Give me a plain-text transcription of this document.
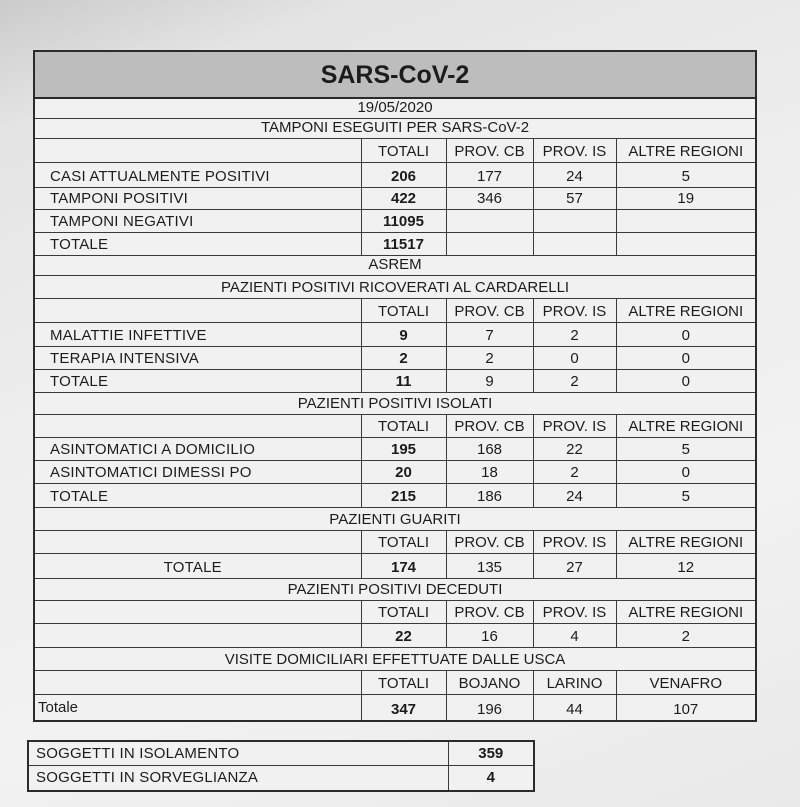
SARS-CoV-2				
19/05/2020				
TAMPONI ESEGUITI PER SARS-CoV-2				
	TOTALI	PROV. CB	PROV. IS	ALTRE REGIONI
CASI ATTUALMENTE POSITIVI	206	177	24	5
TAMPONI POSITIVI	422	346	57	19
TAMPONI NEGATIVI	11095			
TOTALE	11517			
ASREM				
PAZIENTI POSITIVI RICOVERATI AL CARDARELLI				
	TOTALI	PROV. CB	PROV. IS	ALTRE REGIONI
MALATTIE INFETTIVE	9	7	2	0
TERAPIA INTENSIVA	2	2	0	0
TOTALE	11	9	2	0
PAZIENTI POSITIVI ISOLATI				
	TOTALI	PROV. CB	PROV. IS	ALTRE REGIONI
ASINTOMATICI A DOMICILIO	195	168	22	5
ASINTOMATICI DIMESSI PO	20	18	2	0
TOTALE	215	186	24	5
PAZIENTI GUARITI				
	TOTALI	PROV. CB	PROV. IS	ALTRE REGIONI
TOTALE	174	135	27	12
PAZIENTI POSITIVI DECEDUTI				
	TOTALI	PROV. CB	PROV. IS	ALTRE REGIONI
	22	16	4	2
VISITE DOMICILIARI EFFETTUATE DALLE USCA				
	TOTALI	BOJANO	LARINO	VENAFRO
Totale	347	196	44	107
SOGGETTI IN ISOLAMENTO	359
SOGGETTI IN SORVEGLIANZA	4
